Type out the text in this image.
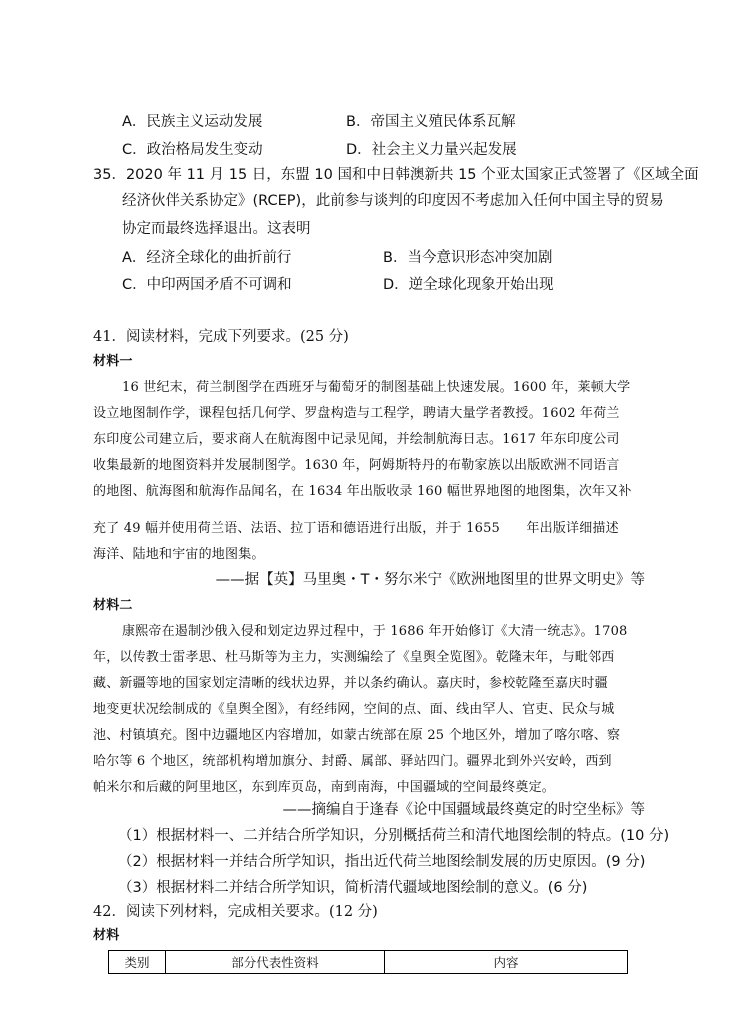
A．民族主义运动发展	B．帝国主义殖民体系瓦解
C．政治格局发生变动	D．社会主义力量兴起发展
35．2020 年 11 月 15 日，东盟 10 国和中日韩澳新共 15 个亚太国家正式签署了《区域全面
经济伙伴关系协定》(RCEP)，此前参与谈判的印度因不考虑加入任何中国主导的贸易
协定而最终选择退出。这表明
A．经济全球化的曲折前行	B．当今意识形态冲突加剧
C．中印两国矛盾不可调和	D．逆全球化现象开始出现
41．阅读材料，完成下列要求。(25 分)
材料一
16 世纪末，荷兰制图学在西班牙与葡萄牙的制图基础上快速发展。1600 年，莱顿大学
设立地图制作学，课程包括几何学、罗盘构造与工程学，聘请大量学者教授。1602 年荷兰
东印度公司建立后，要求商人在航海图中记录见闻，并绘制航海日志。1617 年东印度公司
收集最新的地图资料并发展制图学。1630 年，阿姆斯特丹的布勒家族以出版欧洲不同语言
的地图、航海图和航海作品闻名，在 1634 年出版收录 160 幅世界地图的地图集，次年又补
充了 49 幅并使用荷兰语、法语、拉丁语和德语进行出版，并于 1655　　年出版详细描述
海洋、陆地和宇宙的地图集。
——据【英】马里奥・T・努尔米宁《欧洲地图里的世界文明史》等
材料二
康熙帝在遏制沙俄入侵和划定边界过程中，于 1686 年开始修订《大清一统志》。1708
年，以传教士雷孝思、杜马斯等为主力，实测编绘了《皇舆全览图》。乾隆末年，与毗邻西
藏、新疆等地的国家划定清晰的线状边界，并以条约确认。嘉庆时，参校乾隆至嘉庆时疆
地变更状况绘制成的《皇舆全图》，有经纬网，空间的点、面、线由罕人、官吏、民众与城
池、村镇填充。图中边疆地区内容增加，如蒙古统部在原 25 个地区外，增加了喀尔喀、察
哈尔等 6 个地区，统部机构增加旗分、封爵、属部、驿站四门。疆界北到外兴安岭，西到
帕米尔和后藏的阿里地区，东到库页岛，南到南海，中国疆域的空间最终奠定。
——摘编自于逢春《论中国疆域最终奠定的时空坐标》等
（1）根据材料一、二并结合所学知识，分别概括荷兰和清代地图绘制的特点。(10 分)
（2）根据材料一并结合所学知识，指出近代荷兰地图绘制发展的历史原因。(9 分)
（3）根据材料二并结合所学知识，简析清代疆域地图绘制的意义。(6 分)
42．阅读下列材料，完成相关要求。(12 分)
材料
类别	部分代表性资料	内容
